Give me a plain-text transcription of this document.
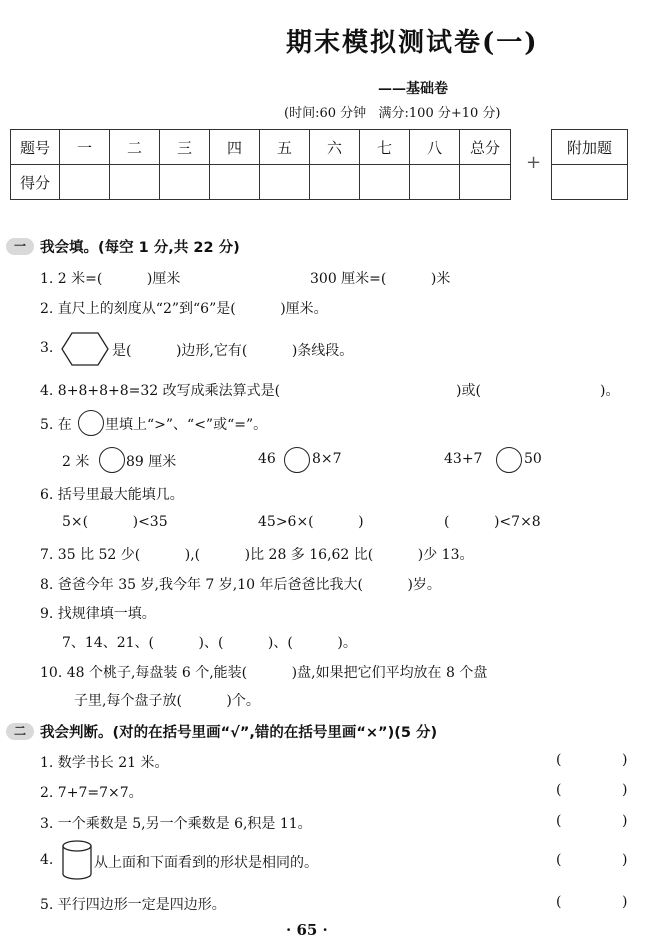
期末模拟测试卷(一)
——基础卷
(时间:60 分钟   满分:100 分+10 分)
题号	一	二	三	四	五	六	七	八	总分
得分									
+
附加题

一 我会填。(每空 1 分,共 22 分)
1. 2 米=(          )厘米	300 厘米=(          )米
2. 直尺上的刻度从“2”到“6”是(          )厘米。
3.	是(          )边形,它有(          )条线段。
4. 8+8+8+8=32 改写成乘法算式是(	)或(	)。
5. 在 里填上“>”、“<”或“=”。
2 米	89 厘米	46	8×7	43+7	50
6. 括号里最大能填几。
5×(          )<35	45>6×(          )	(          )<7×8
7. 35 比 52 少(          ),(          )比 28 多 16,62 比(          )少 13。
8. 爸爸今年 35 岁,我今年 7 岁,10 年后爸爸比我大(          )岁。
9. 找规律填一填。
7、14、21、(          )、(          )、(          )。
10. 48 个桃子,每盘装 6 个,能装(          )盘,如果把它们平均放在 8 个盘
子里,每个盘子放(          )个。
二 我会判断。(对的在括号里画“√”,错的在括号里画“×”)(5 分)
1. 数学书长 21 米。	(	)
2. 7+7=7×7。	(	)
3. 一个乘数是 5,另一个乘数是 6,积是 11。	(	)
4.	从上面和下面看到的形状是相同的。	(	)
5. 平行四边形一定是四边形。	(	)
· 65 ·
